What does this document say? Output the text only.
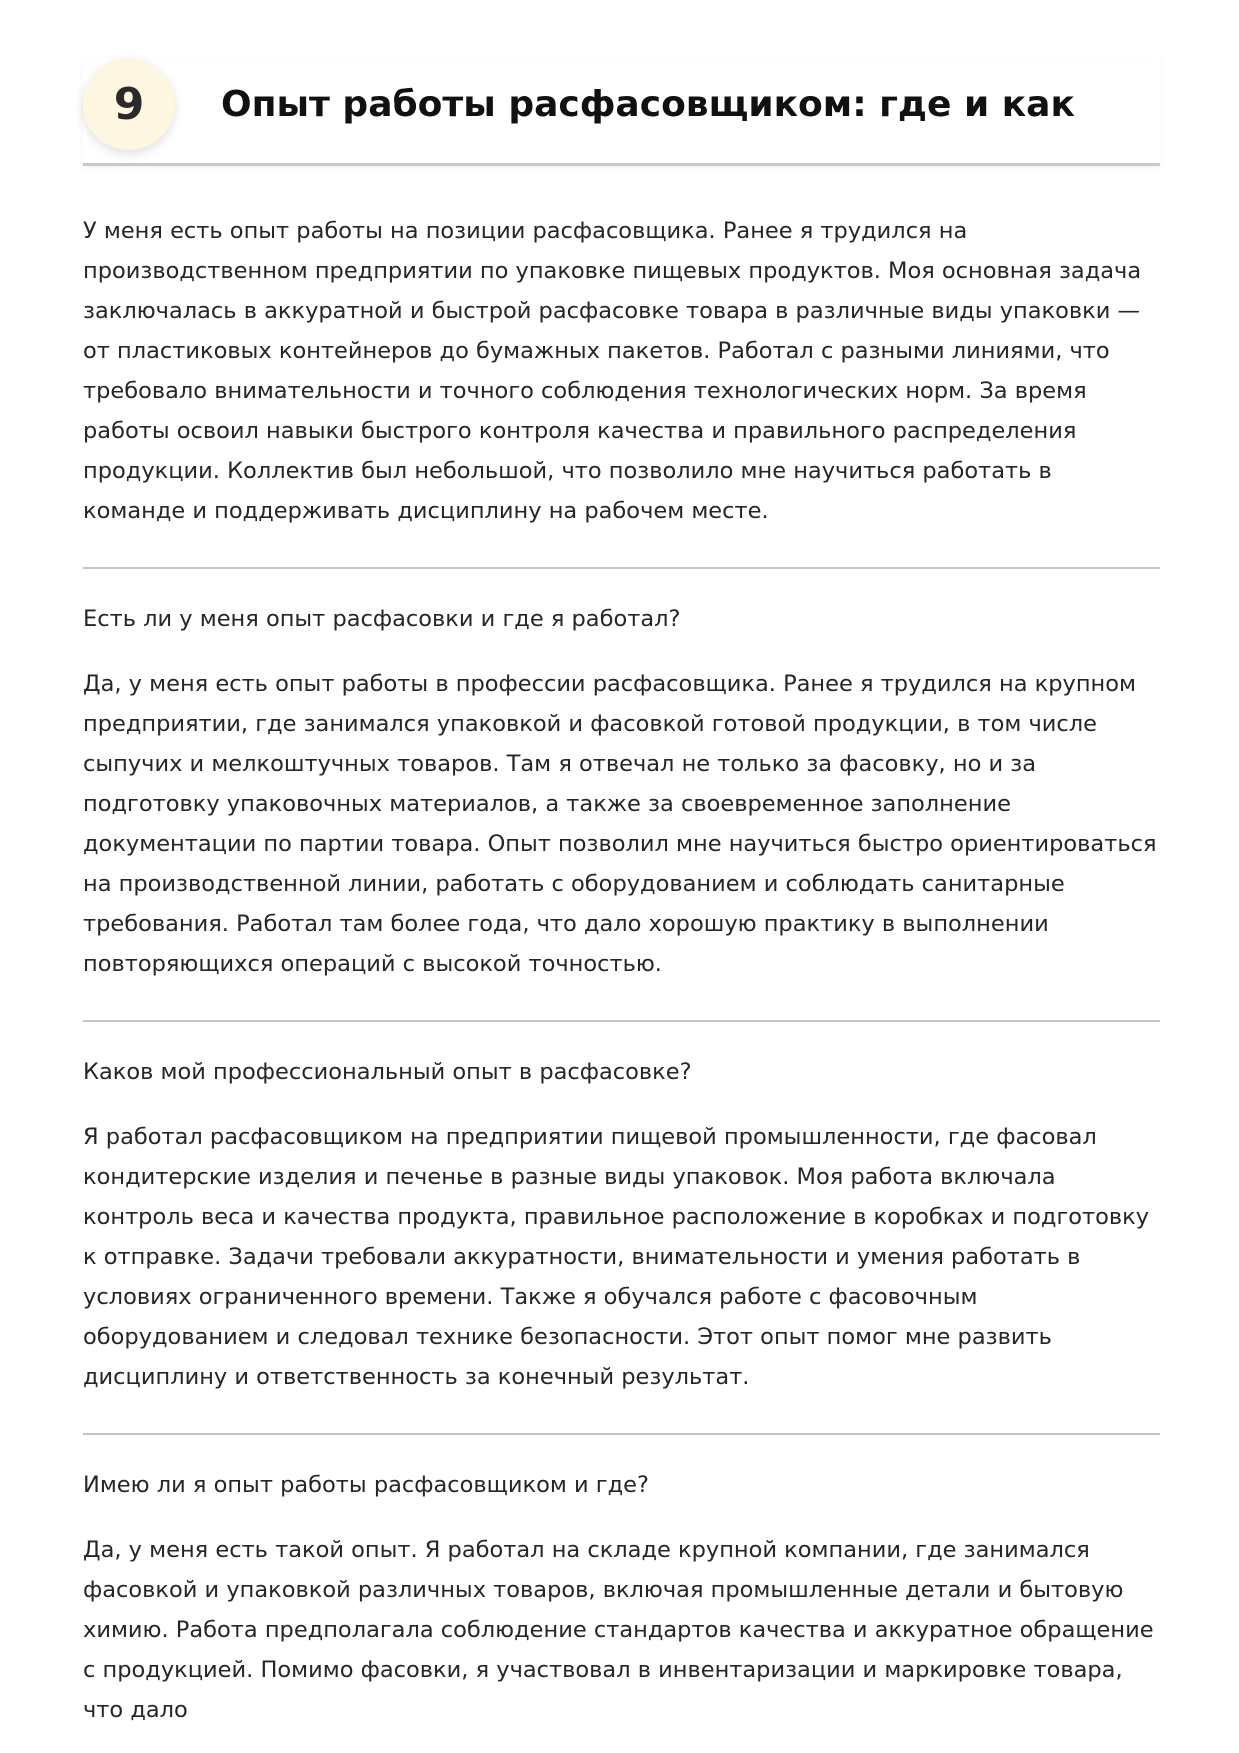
9	Опыт работы расфасовщиком: где и как

У меня есть опыт работы на позиции расфасовщика. Ранее я трудился на производственном предприятии по упаковке пищевых продуктов. Моя основная задача заключалась в аккуратной и быстрой расфасовке товара в различные виды упаковки — от пластиковых контейнеров до бумажных пакетов. Работал с разными линиями, что требовало внимательности и точного соблюдения технологических норм. За время работы освоил навыки быстрого контроля качества и правильного распределения продукции. Коллектив был небольшой, что позволило мне научиться работать в команде и поддерживать дисциплину на рабочем месте.

Есть ли у меня опыт расфасовки и где я работал?

Да, у меня есть опыт работы в профессии расфасовщика. Ранее я трудился на крупном предприятии, где занимался упаковкой и фасовкой готовой продукции, в том числе сыпучих и мелкоштучных товаров. Там я отвечал не только за фасовку, но и за подготовку упаковочных материалов, а также за своевременное заполнение документации по партии товара. Опыт позволил мне научиться быстро ориентироваться на производственной линии, работать с оборудованием и соблюдать санитарные требования. Работал там более года, что дало хорошую практику в выполнении повторяющихся операций с высокой точностью.

Каков мой профессиональный опыт в расфасовке?

Я работал расфасовщиком на предприятии пищевой промышленности, где фасовал кондитерские изделия и печенье в разные виды упаковок. Моя работа включала контроль веса и качества продукта, правильное расположение в коробках и подготовку к отправке. Задачи требовали аккуратности, внимательности и умения работать в условиях ограниченного времени. Также я обучался работе с фасовочным оборудованием и следовал технике безопасности. Этот опыт помог мне развить дисциплину и ответственность за конечный результат.

Имею ли я опыт работы расфасовщиком и где?

Да, у меня есть такой опыт. Я работал на складе крупной компании, где занимался фасовкой и упаковкой различных товаров, включая промышленные детали и бытовую химию. Работа предполагала соблюдение стандартов качества и аккуратное обращение с продукцией. Помимо фасовки, я участвовал в инвентаризации и маркировке товара, что дало
